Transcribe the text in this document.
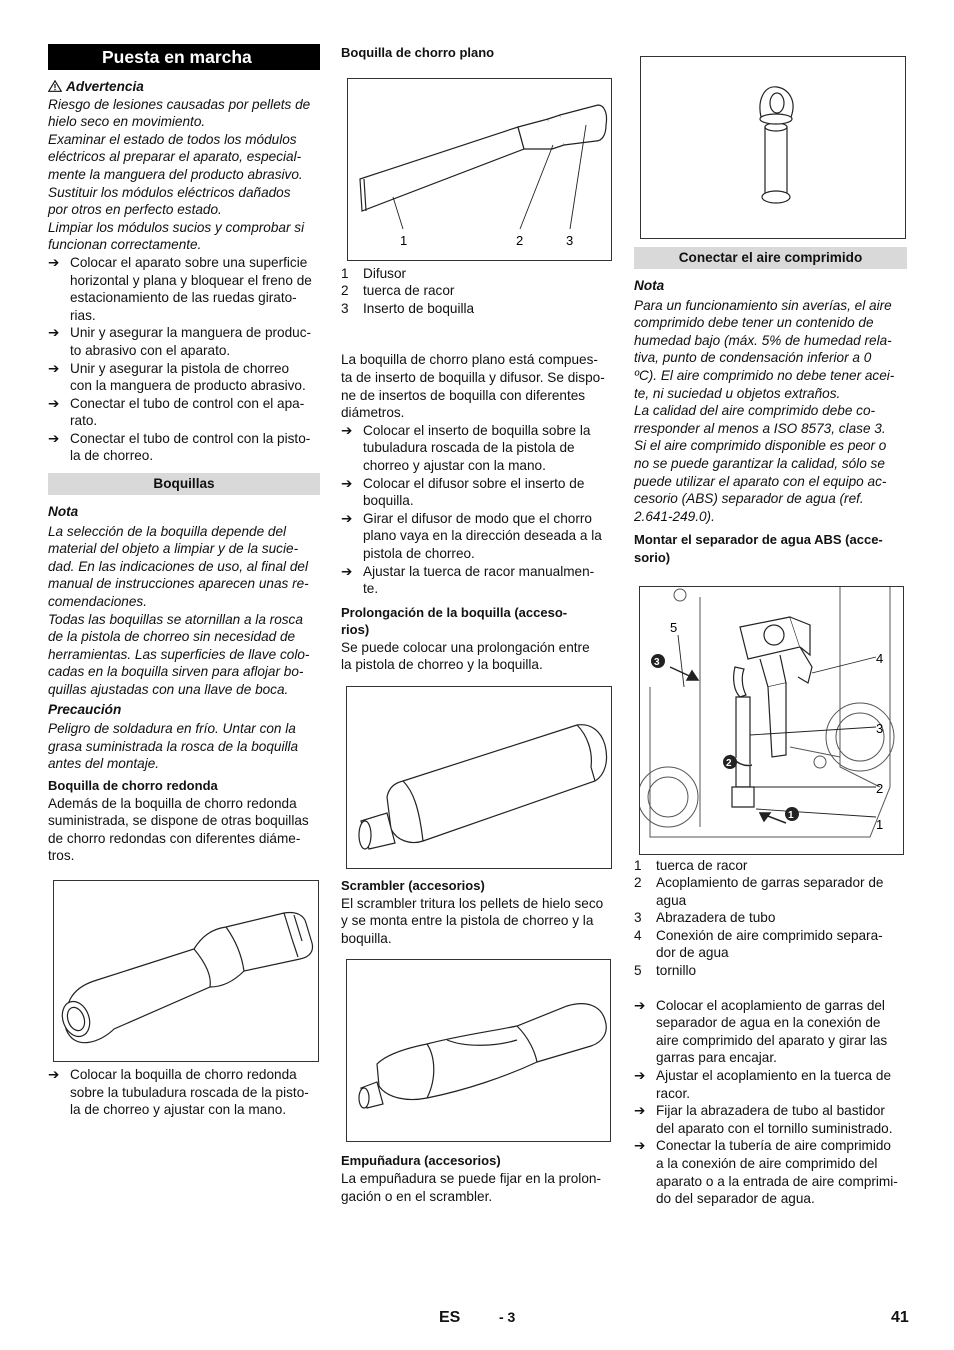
Puesta en marcha

Advertencia

Riesgo de lesiones causadas por pellets de

hielo seco en movimiento.

Examinar el estado de todos los módulos

eléctricos al preparar el aparato, especial-

mente la manguera del producto abrasivo.

Sustituir los módulos eléctricos dañados

por otros en perfecto estado.

Limpiar los módulos sucios y comprobar si

funcionan correctamente.

➔ Colocar el aparato sobre una superficie

horizontal y plana y bloquear el freno de

estacionamiento de las ruedas girato-

rias.

➔ Unir y asegurar la manguera de produc-

to abrasivo con el aparato.

➔ Unir y asegurar la pistola de chorreo

con la manguera de producto abrasivo.

➔ Conectar el tubo de control con el apa-

rato.

➔ Conectar el tubo de control con la pisto-

la de chorreo.

Boquillas

Nota

La selección de la boquilla depende del

material del objeto a limpiar y de la sucie-

dad. En las indicaciones de uso, al final del

manual de instrucciones aparecen unas re-

comendaciones.

Todas las boquillas se atornillan a la rosca

de la pistola de chorreo sin necesidad de

herramientas. Las superficies de llave colo-

cadas en la boquilla sirven para aflojar bo-

quillas ajustadas con una llave de boca.

Precaución

Peligro de soldadura en frío. Untar con la

grasa suministrada la rosca de la boquilla

antes del montaje.

Boquilla de chorro redonda

Además de la boquilla de chorro redonda

suministrada, se dispone de otras boquillas

de chorro redondas con diferentes diáme-

tros.

➔ Colocar la boquilla de chorro redonda

sobre la tubuladura roscada de la pisto-

la de chorreo y ajustar con la mano.

Boquilla de chorro plano

1	2	3
1	Difusor
2	tuerca de racor
3	Inserto de boquilla

La boquilla de chorro plano está compues-

ta de inserto de boquilla y difusor. Se dispo-

ne de insertos de boquilla con diferentes

diámetros.

➔ Colocar el inserto de boquilla sobre la

tubuladura roscada de la pistola de

chorreo y ajustar con la mano.

➔ Colocar el difusor sobre el inserto de

boquilla.

➔ Girar el difusor de modo que el chorro

plano vaya en la dirección deseada a la

pistola de chorreo.

➔ Ajustar la tuerca de racor manualmen-

te.

Prolongación de la boquilla (acceso-

rios)

Se puede colocar una prolongación entre

la pistola de chorreo y la boquilla.

Scrambler (accesorios)

El scrambler tritura los pellets de hielo seco

y se monta entre la pistola de chorreo y la

boquilla.

Empuñadura (accesorios)

La empuñadura se puede fijar en la prolon-

gación o en el scrambler.

Conectar el aire comprimido

Nota

Para un funcionamiento sin averías, el aire

comprimido debe tener un contenido de

humedad bajo (máx. 5% de humedad rela-

tiva, punto de condensación inferior a 0

ºC). El aire comprimido no debe tener acei-

te, ni suciedad u objetos extraños.

La calidad del aire comprimido debe co-

rresponder al menos a ISO 8573, clase 3.

Si el aire comprimido disponible es peor o

no se puede garantizar la calidad, sólo se

puede utilizar el aparato con el equipo ac-

cesorio (ABS) separador de agua (ref.

2.641-249.0).

Montar el separador de agua ABS (acce-

sorio)

3
2
1
5
4
3
2
1
1	tuerca de racor

2	Acoplamiento de garras separador de

agua

3	Abrazadera de tubo

4	Conexión de aire comprimido separa-

dor de agua

5	tornillo

➔ Colocar el acoplamiento de garras del

separador de agua en la conexión de

aire comprimido del aparato y girar las

garras para encajar.

➔ Ajustar el acoplamiento en la tuerca de

racor.

➔ Fijar la abrazadera de tubo al bastidor

del aparato con el tornillo suministrado.

➔ Conectar la tubería de aire comprimido

a la conexión de aire comprimido del

aparato o a la entrada de aire comprimi-

do del separador de agua.

ES	- 3	41
